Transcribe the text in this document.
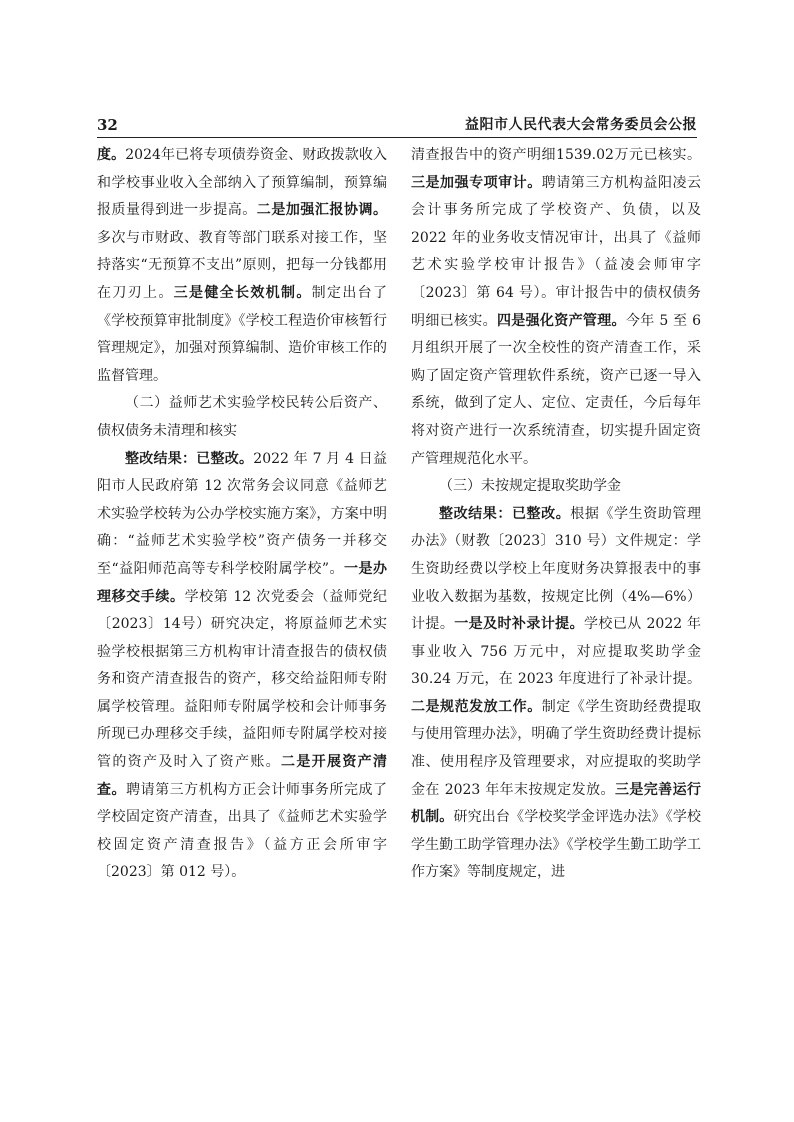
32	益阳市人民代表大会常务委员会公报

度。2024年已将专项债券资金、财政拨款收入和学校事业收入全部纳入了预算编制，预算编报质量得到进一步提高。二是加强汇报协调。多次与市财政、教育等部门联系对接工作，坚持落实“无预算不支出”原则，把每一分钱都用在刀刃上。三是健全长效机制。制定出台了《学校预算审批制度》《学校工程造价审核暂行管理规定》，加强对预算编制、造价审核工作的监督管理。

（二）益师艺术实验学校民转公后资产、债权债务未清理和核实

整改结果：已整改。2022 年 7 月 4 日益阳市人民政府第 12 次常务会议同意《益师艺术实验学校转为公办学校实施方案》，方案中明确：“益师艺术实验学校”资产债务一并移交至“益阳师范高等专科学校附属学校”。一是办理移交手续。学校第 12 次党委会（益师党纪〔2023〕14号）研究决定，将原益师艺术实验学校根据第三方机构审计清查报告的债权债务和资产清查报告的资产，移交给益阳师专附属学校管理。益阳师专附属学校和会计师事务所现已办理移交手续，益阳师专附属学校对接管的资产及时入了资产账。二是开展资产清查。聘请第三方机构方正会计师事务所完成了学校固定资产清查，出具了《益师艺术实验学校固定资产清查报告》（益方正会所审字〔2023〕第 012 号）。

清查报告中的资产明细1539.02万元已核实。三是加强专项审计。聘请第三方机构益阳凌云会计事务所完成了学校资产、负债，以及 2022 年的业务收支情况审计，出具了《益师艺术实验学校审计报告》（益凌会师审字〔2023〕第 64 号）。审计报告中的债权债务明细已核实。四是强化资产管理。今年 5 至 6 月组织开展了一次全校性的资产清查工作，采购了固定资产管理软件系统，资产已逐一导入系统，做到了定人、定位、定责任，今后每年将对资产进行一次系统清查，切实提升固定资产管理规范化水平。

（三）未按规定提取奖助学金

整改结果：已整改。根据《学生资助管理办法》（财教〔2023〕310 号）文件规定：学生资助经费以学校上年度财务决算报表中的事业收入数据为基数，按规定比例（4%—6%）计提。一是及时补录计提。学校已从 2022 年事业收入 756 万元中，对应提取奖助学金 30.24 万元，在 2023 年度进行了补录计提。二是规范发放工作。制定《学生资助经费提取与使用管理办法》，明确了学生资助经费计提标准、使用程序及管理要求，对应提取的奖助学金在 2023 年年末按规定发放。三是完善运行机制。研究出台《学校奖学金评选办法》《学校学生勤工助学管理办法》《学校学生勤工助学工作方案》等制度规定，进
